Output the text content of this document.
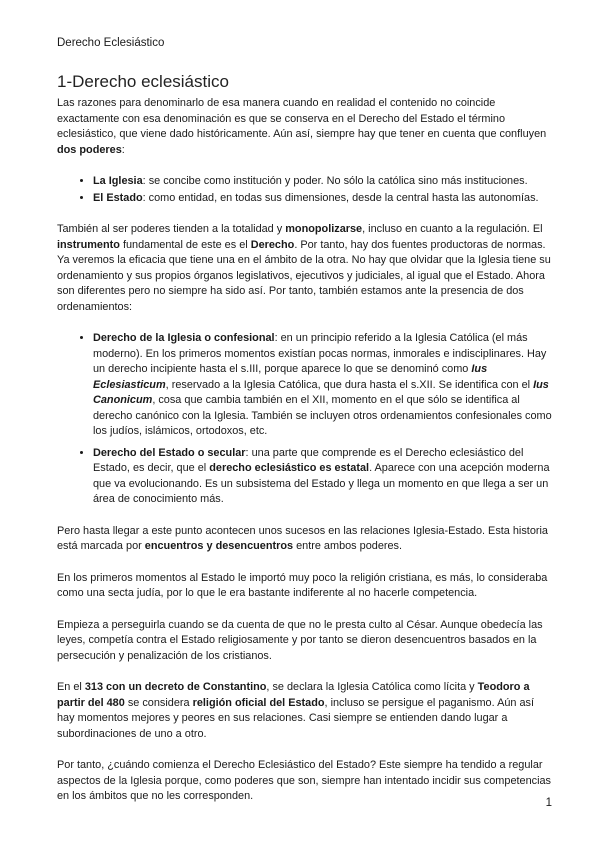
Derecho Eclesiástico
1-Derecho eclesiástico

Las razones para denominarlo de esa manera cuando en realidad el contenido no coincide exactamente con esa denominación es que se conserva en el Derecho del Estado el término eclesiástico, que viene dado históricamente. Aún así, siempre hay que tener en cuenta que confluyen dos poderes:

• La Iglesia: se concibe como institución y poder. No sólo la católica sino más instituciones.
• El Estado: como entidad, en todas sus dimensiones, desde la central hasta las autonomías.

También al ser poderes tienden a la totalidad y monopolizarse, incluso en cuanto a la regulación. El instrumento fundamental de este es el Derecho. Por tanto, hay dos fuentes productoras de normas. Ya veremos la eficacia que tiene una en el ámbito de la otra. No hay que olvidar que la Iglesia tiene su ordenamiento y sus propios órganos legislativos, ejecutivos y judiciales, al igual que el Estado. Ahora son diferentes pero no siempre ha sido así. Por tanto, también estamos ante la presencia de dos ordenamientos:

• Derecho de la Iglesia o confesional: en un principio referido a la Iglesia Católica (el más moderno). En los primeros momentos existían pocas normas, inmorales e indisciplinares. Hay un derecho incipiente hasta el s.III, porque aparece lo que se denominó como Ius Eclesiasticum, reservado a la Iglesia Católica, que dura hasta el s.XII. Se identifica con el Ius Canonicum, cosa que cambia también en el XII, momento en el que sólo se identifica al derecho canónico con la Iglesia. También se incluyen otros ordenamientos confesionales como los judíos, islámicos, ortodoxos, etc.
• Derecho del Estado o secular: una parte que comprende es el Derecho eclesiástico del Estado, es decir, que el derecho eclesiástico es estatal. Aparece con una acepción moderna que va evolucionando. Es un subsistema del Estado y llega un momento en que llega a ser un área de conocimiento más.

Pero hasta llegar a este punto acontecen unos sucesos en las relaciones Iglesia-Estado. Esta historia está marcada por encuentros y desencuentros entre ambos poderes.

En los primeros momentos al Estado le importó muy poco la religión cristiana, es más, lo consideraba como una secta judía, por lo que le era bastante indiferente al no hacerle competencia.

Empieza a perseguirla cuando se da cuenta de que no le presta culto al César. Aunque obedecía las leyes, competía contra el Estado religiosamente y por tanto se dieron desencuentros basados en la persecución y penalización de los cristianos.

En el 313 con un decreto de Constantino, se declara la Iglesia Católica como lícita y Teodoro a partir del 480 se considera religión oficial del Estado, incluso se persigue el paganismo. Aún así hay momentos mejores y peores en sus relaciones. Casi siempre se entienden dando lugar a subordinaciones de uno a otro.

Por tanto, ¿cuándo comienza el Derecho Eclesiástico del Estado? Este siempre ha tendido a regular aspectos de la Iglesia porque, como poderes que son, siempre han intentado incidir sus competencias en los ámbitos que no les corresponden.

1
